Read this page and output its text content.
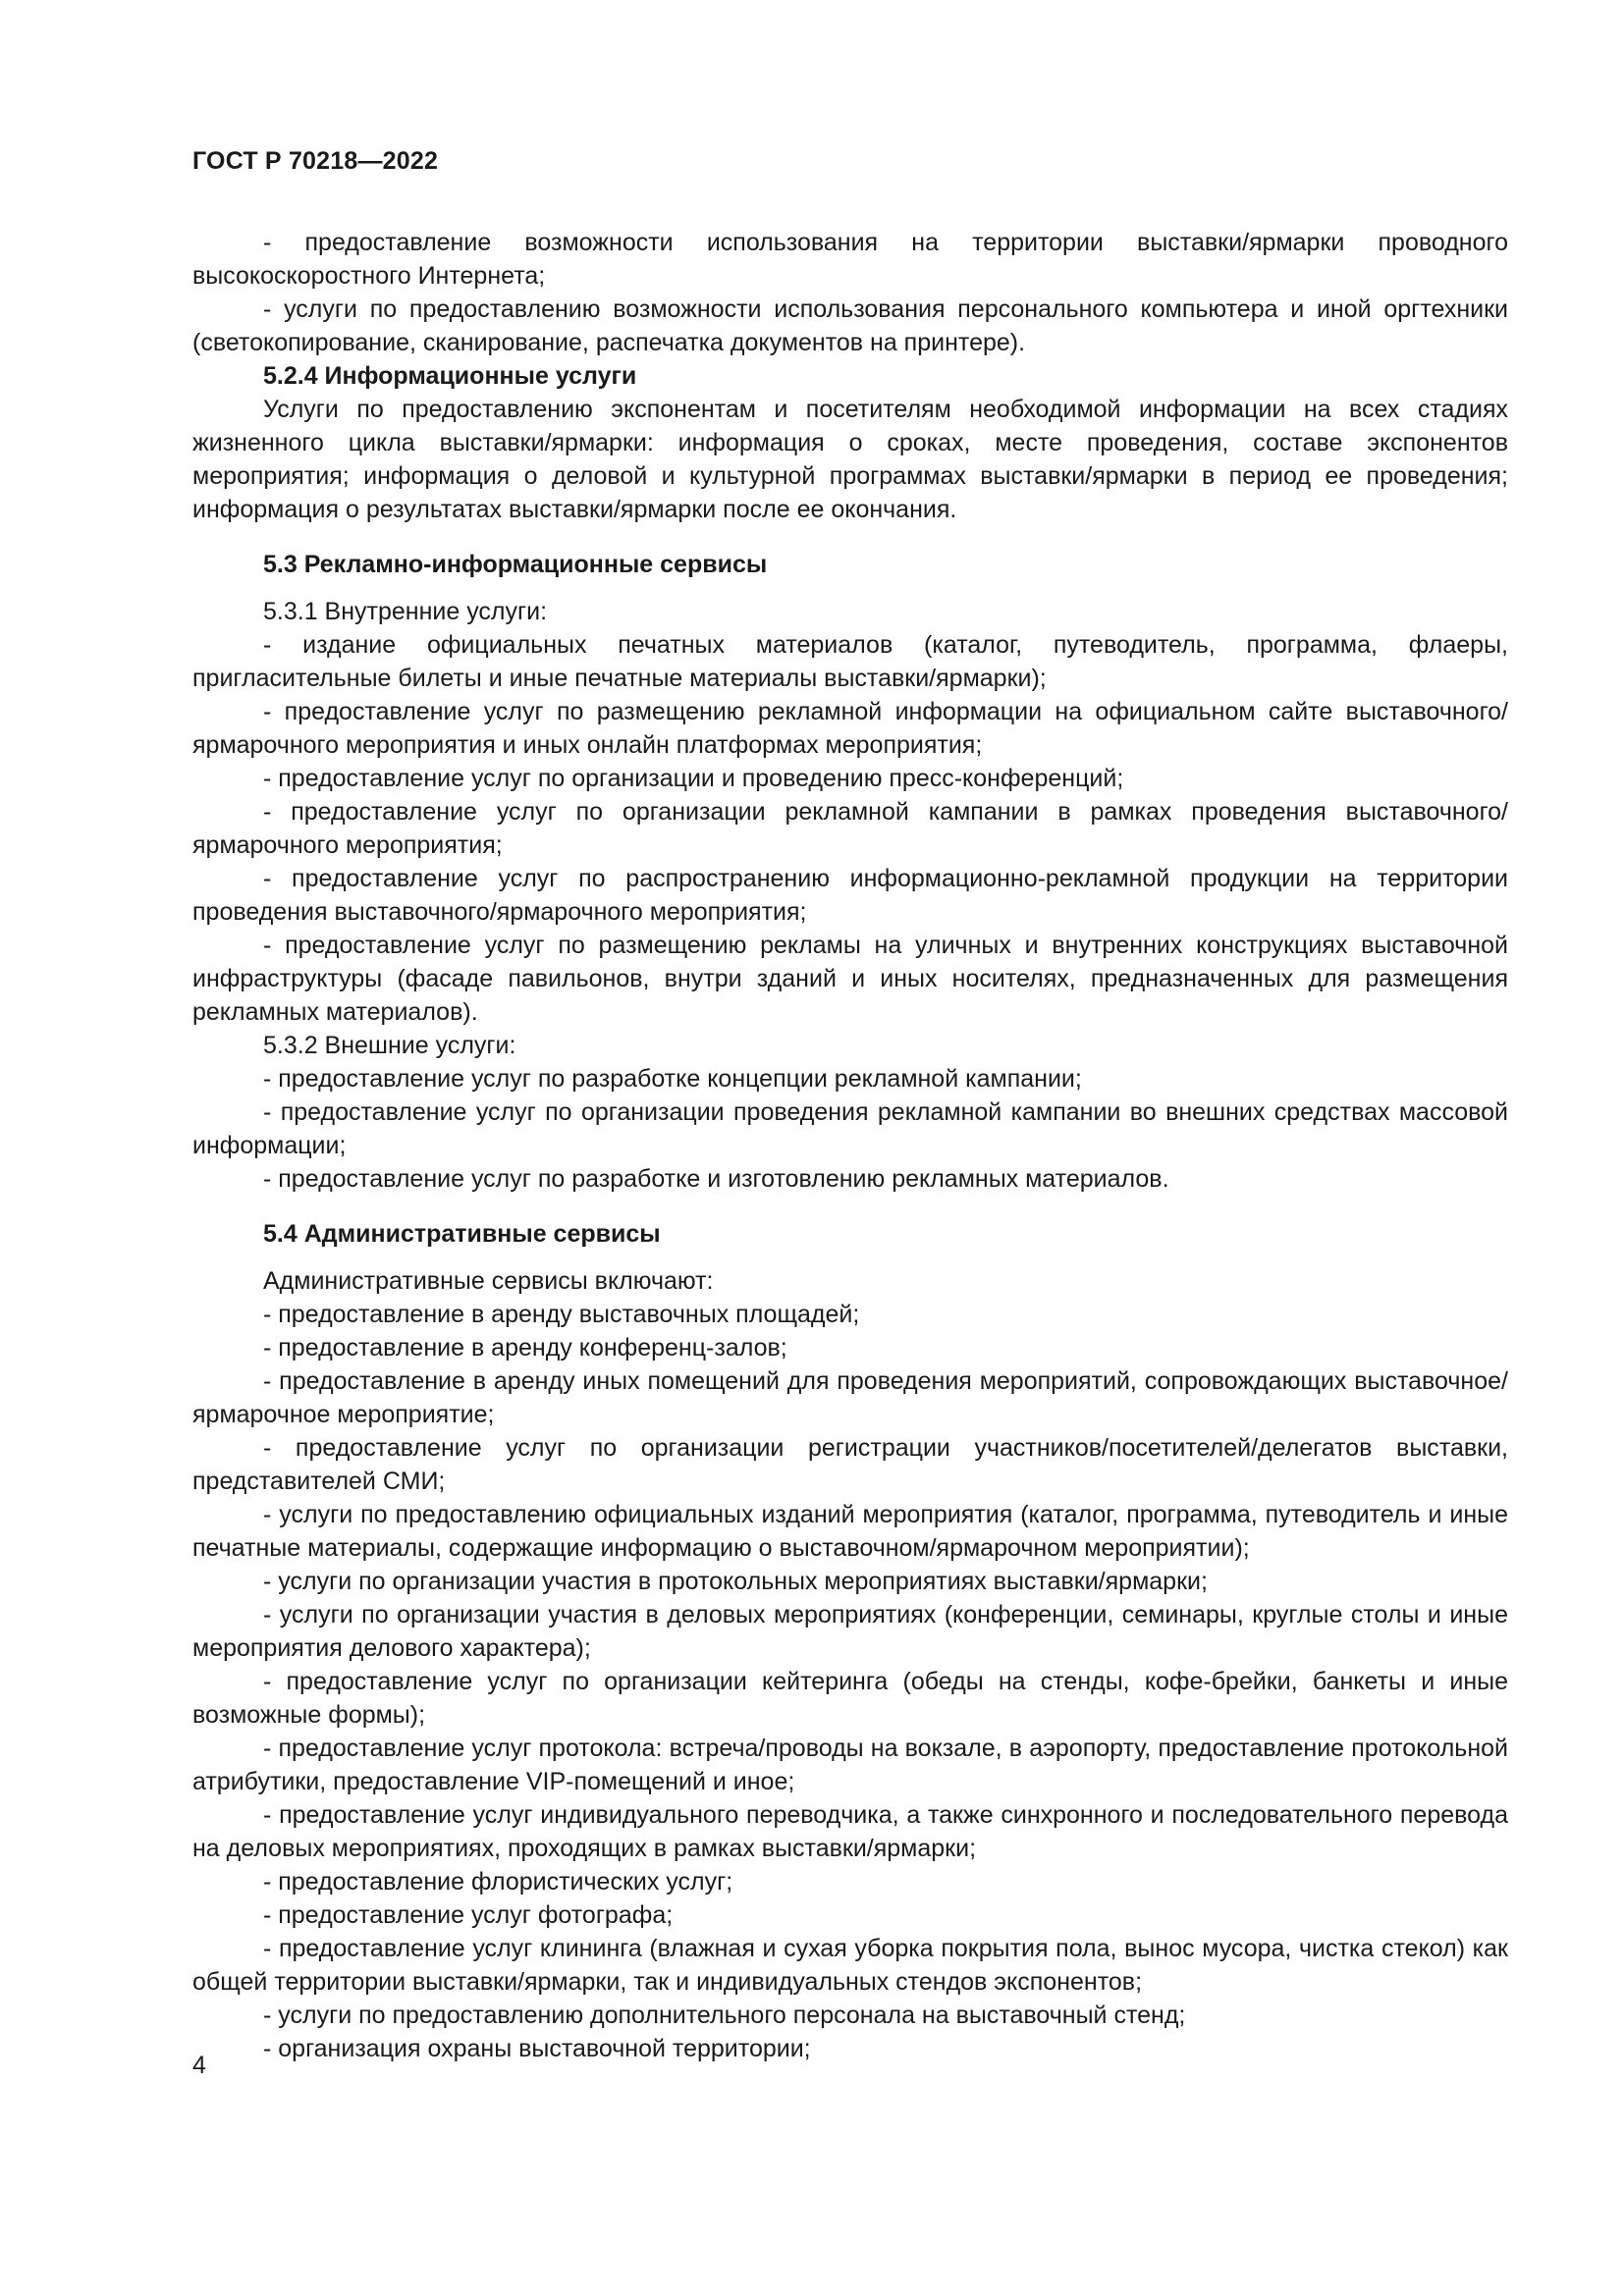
ГОСТ Р 70218—2022

- предоставление возможности использования на территории выставки/ярмарки проводного высокоскоростного Интернета;

- услуги по предоставлению возможности использования персонального компьютера и иной оргтехники (светокопирование, сканирование, распечатка документов на принтере).

5.2.4 Информационные услуги

Услуги по предоставлению экспонентам и посетителям необходимой информации на всех стадиях жизненного цикла выставки/ярмарки: информация о сроках, месте проведения, составе экспонентов мероприятия; информация о деловой и культурной программах выставки/ярмарки в период ее проведения; информация о результатах выставки/ярмарки после ее окончания.

5.3 Рекламно-информационные сервисы

5.3.1 Внутренние услуги:

- издание официальных печатных материалов (каталог, путеводитель, программа, флаеры, пригласительные билеты и иные печатные материалы выставки/ярмарки);

- предоставление услуг по размещению рекламной информации на официальном сайте выставочного/ярмарочного мероприятия и иных онлайн платформах мероприятия;

- предоставление услуг по организации и проведению пресс-конференций;

- предоставление услуг по организации рекламной кампании в рамках проведения выставочного/ярмарочного мероприятия;

- предоставление услуг по распространению информационно-рекламной продукции на территории проведения выставочного/ярмарочного мероприятия;

- предоставление услуг по размещению рекламы на уличных и внутренних конструкциях выставочной инфраструктуры (фасаде павильонов, внутри зданий и иных носителях, предназначенных для размещения рекламных материалов).

5.3.2 Внешние услуги:

- предоставление услуг по разработке концепции рекламной кампании;

- предоставление услуг по организации проведения рекламной кампании во внешних средствах массовой информации;

- предоставление услуг по разработке и изготовлению рекламных материалов.

5.4 Административные сервисы

Административные сервисы включают:

- предоставление в аренду выставочных площадей;

- предоставление в аренду конференц-залов;

- предоставление в аренду иных помещений для проведения мероприятий, сопровождающих выставочное/ярмарочное мероприятие;

- предоставление услуг по организации регистрации участников/посетителей/делегатов выставки, представителей СМИ;

- услуги по предоставлению официальных изданий мероприятия (каталог, программа, путеводитель и иные печатные материалы, содержащие информацию о выставочном/ярмарочном мероприятии);

- услуги по организации участия в протокольных мероприятиях выставки/ярмарки;

- услуги по организации участия в деловых мероприятиях (конференции, семинары, круглые столы и иные мероприятия делового характера);

- предоставление услуг по организации кейтеринга (обеды на стенды, кофе-брейки, банкеты и иные возможные формы);

- предоставление услуг протокола: встреча/проводы на вокзале, в аэропорту, предоставление протокольной атрибутики, предоставление VIP-помещений и иное;

- предоставление услуг индивидуального переводчика, а также синхронного и последовательного перевода на деловых мероприятиях, проходящих в рамках выставки/ярмарки;

- предоставление флористических услуг;

- предоставление услуг фотографа;

- предоставление услуг клининга (влажная и сухая уборка покрытия пола, вынос мусора, чистка стекол) как общей территории выставки/ярмарки, так и индивидуальных стендов экспонентов;

- услуги по предоставлению дополнительного персонала на выставочный стенд;

- организация охраны выставочной территории;

4
